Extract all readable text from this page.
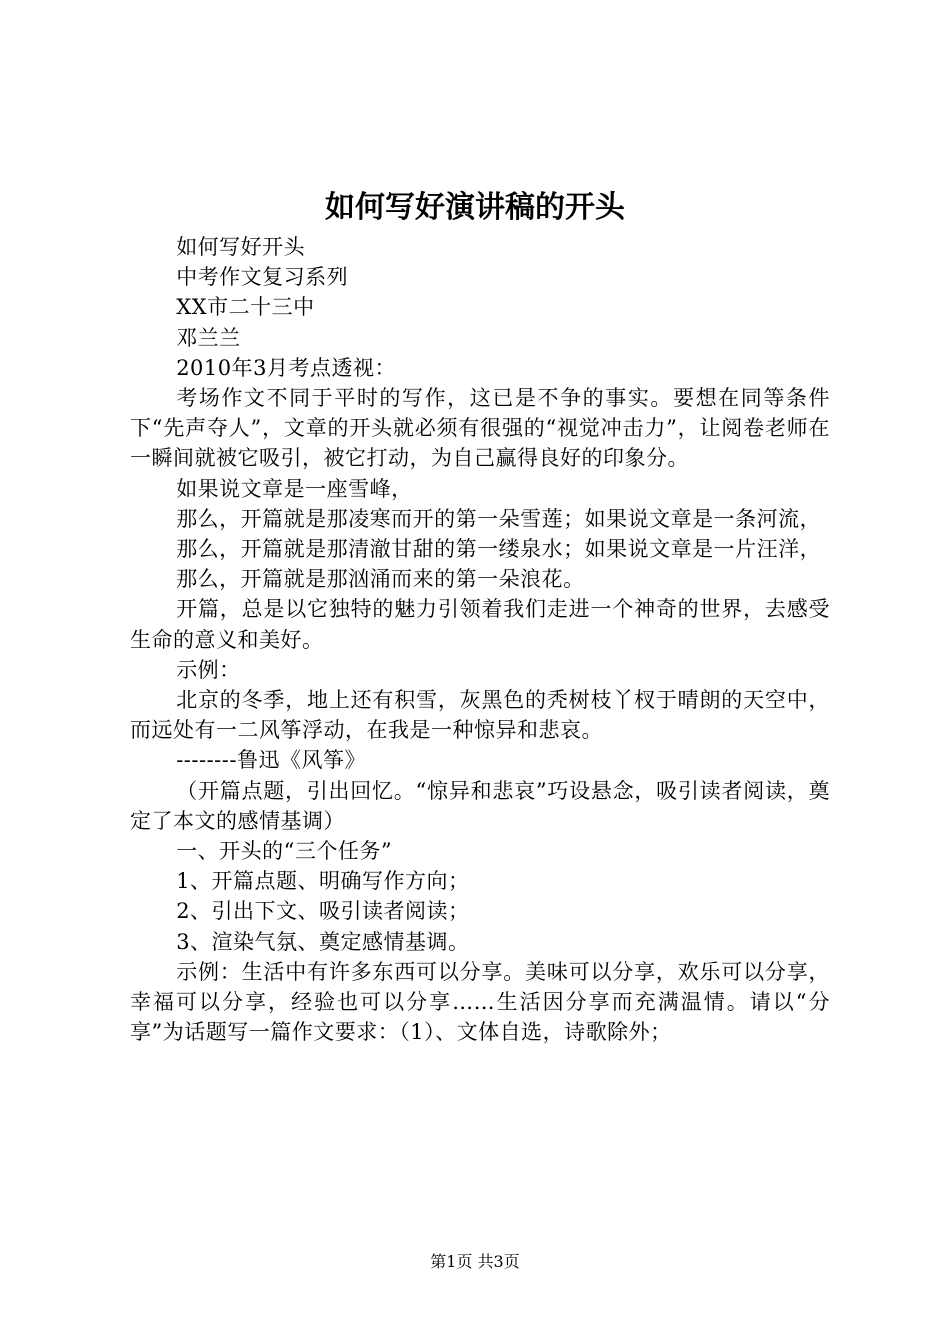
如何写好演讲稿的开头

如何写好开头

中考作文复习系列

XX市二十三中

邓兰兰

2010年3月考点透视：

考场作文不同于平时的写作，这已是不争的事实。要想在同等条件下“先声夺人”，文章的开头就必须有很强的“视觉冲击力”，让阅卷老师在一瞬间就被它吸引，被它打动，为自己赢得良好的印象分。

如果说文章是一座雪峰，

那么，开篇就是那凌寒而开的第一朵雪莲；如果说文章是一条河流，

那么，开篇就是那清澈甘甜的第一缕泉水；如果说文章是一片汪洋，

那么，开篇就是那汹涌而来的第一朵浪花。

开篇，总是以它独特的魅力引领着我们走进一个神奇的世界，去感受生命的意义和美好。

示例：

北京的冬季，地上还有积雪，灰黑色的秃树枝丫杈于晴朗的天空中，而远处有一二风筝浮动，在我是一种惊异和悲哀。

--------鲁迅《风筝》

（开篇点题，引出回忆。“惊异和悲哀”巧设悬念，吸引读者阅读，奠定了本文的感情基调）

一、开头的“三个任务”

1、开篇点题、明确写作方向；

2、引出下文、吸引读者阅读；

3、渲染气氛、奠定感情基调。

示例：生活中有许多东西可以分享。美味可以分享，欢乐可以分享，幸福可以分享，经验也可以分享……生活因分享而充满温情。请以“分享”为话题写一篇作文要求：（1）、文体自选，诗歌除外；

第1页 共3页
